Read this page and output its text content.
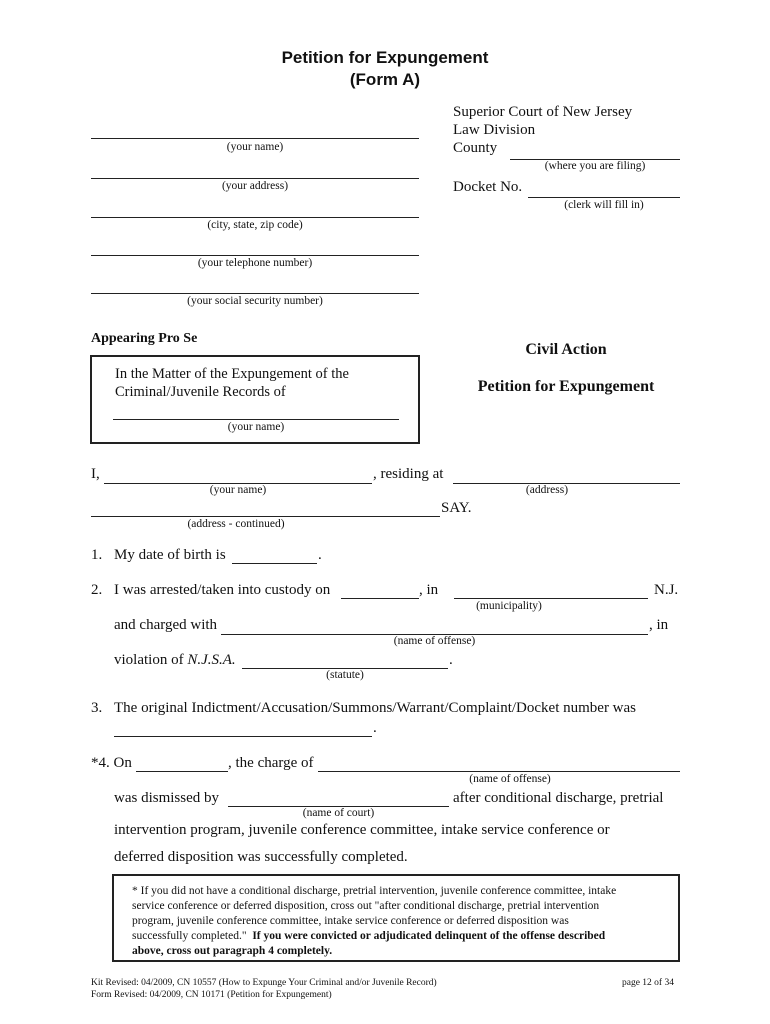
Petition for Expungement
(Form A)
Superior Court of New Jersey
Law Division
County
(where you are filing)
Docket No.
(clerk will fill in)
(your name)
(your address)
(city, state, zip code)
(your telephone number)
(your social security number)
Appearing Pro Se
In the Matter of the Expungement of the
Criminal/Juvenile Records of
(your name)
Civil Action
Petition for Expungement
I,	, residing at
(your name)	(address)
SAY.
(address - continued)
1. My date of birth is	.
2. I was arrested/taken into custody on	, in	N.J.
(municipality)
and charged with	, in
(name of offense)
violation of N.J.S.A.	.
(statute)
3. The original Indictment/Accusation/Summons/Warrant/Complaint/Docket number was
.
*4. On	, the charge of
(name of offense)
was dismissed by	after conditional discharge, pretrial
(name of court)
intervention program, juvenile conference committee, intake service conference or
deferred disposition was successfully completed.
* If you did not have a conditional discharge, pretrial intervention, juvenile conference committee, intake
service conference or deferred disposition, cross out "after conditional discharge, pretrial intervention
program, juvenile conference committee, intake service conference or deferred disposition was
successfully completed." If you were convicted or adjudicated delinquent of the offense described
above, cross out paragraph 4 completely.
Kit Revised: 04/2009, CN 10557 (How to Expunge Your Criminal and/or Juvenile Record)
Form Revised: 04/2009, CN 10171 (Petition for Expungement)
page 12 of 34
